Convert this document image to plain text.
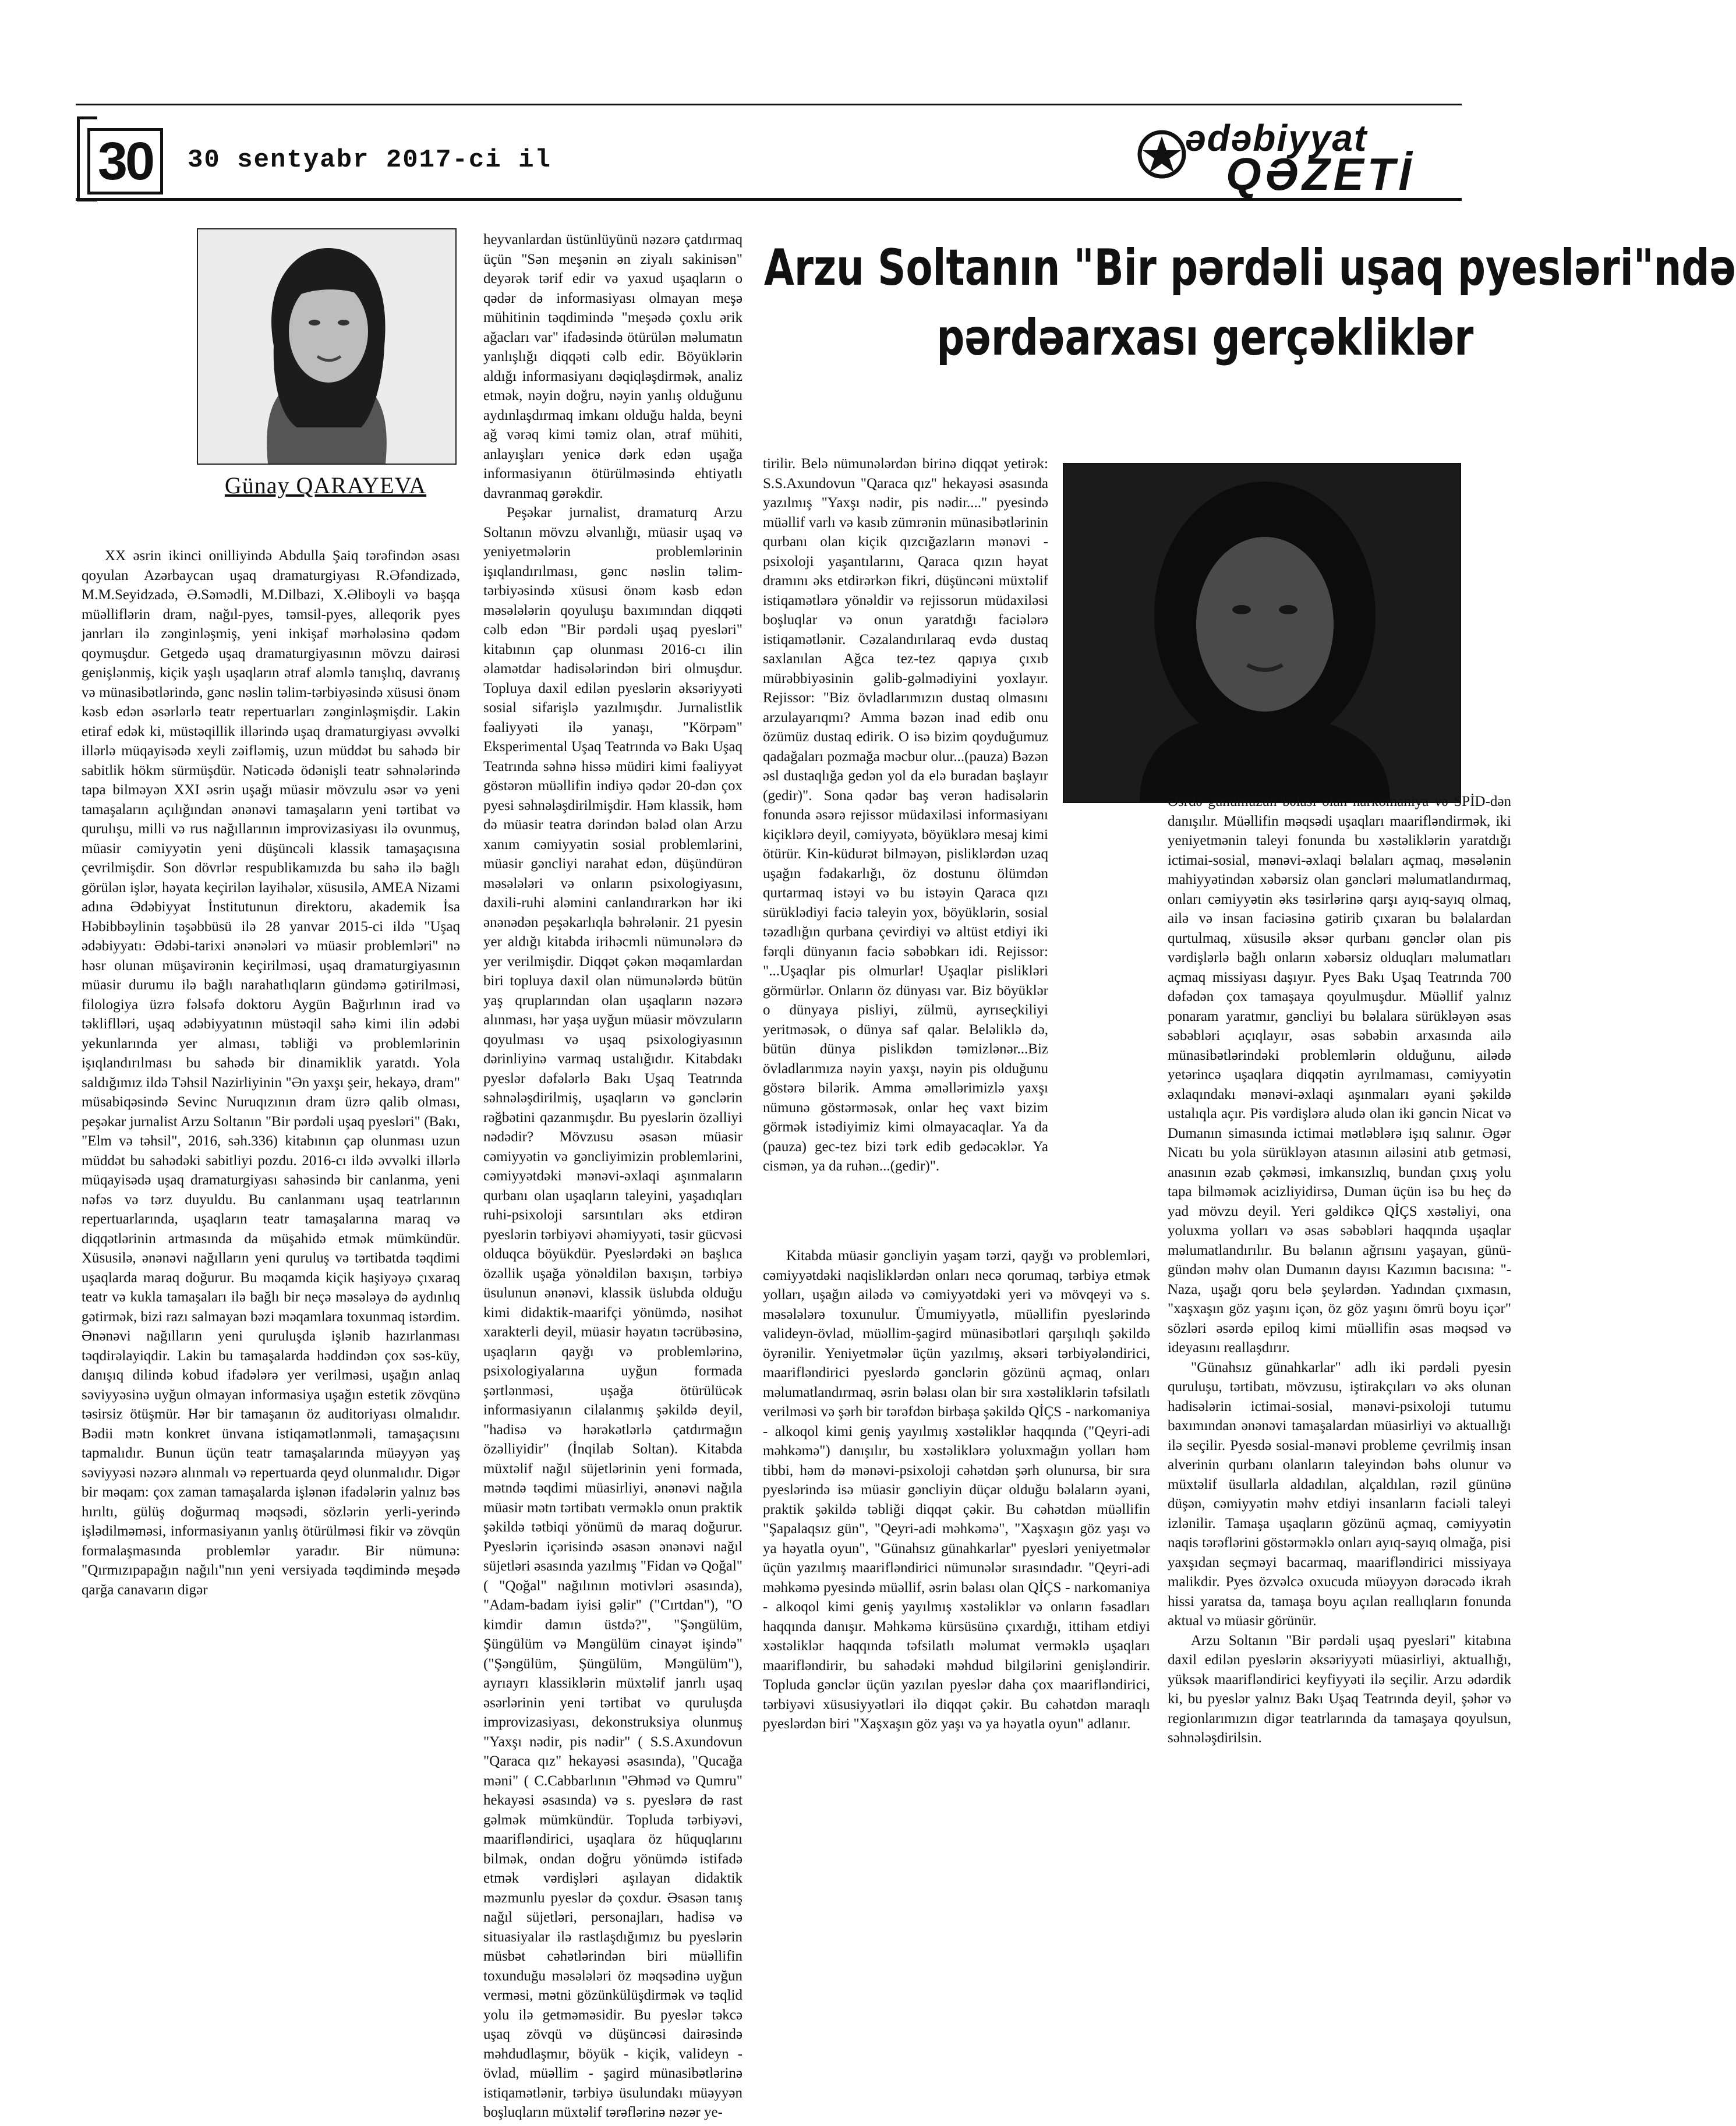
30	30 sentyabr 2017-ci il
ədəbiyyat
QƏZETİ
Günay QARAYEVA
Arzu Soltanın "Bir pərdəli uşaq pyesləri"ndə
pərdəarxası gerçəkliklər

XX əsrin ikinci onilliyində Abdulla Şaiq tərəfindən əsası qoyulan Azərbaycan uşaq dramaturgiyası R.Əfəndizadə, M.M.Seyidzadə, Ə.Səmədli, M.Dilbazi, X.Əliboyli və başqa müəlliflərin dram, nağıl-pyes, təmsil-pyes, alleqorik pyes janrları ilə zənginləşmiş, yeni inkişaf mərhələsinə qədəm qoymuşdur. Getgedə uşaq dramaturgiyasının mövzu dairəsi genişlənmiş, kiçik yaşlı uşaqların ətraf aləmlə tanışlıq, davranış və münasibətlərində, gənc nəslin təlim-tərbiyəsində xüsusi önəm kəsb edən əsərlərlə teatr repertuarları zənginləşmişdir. Lakin etiraf edək ki, müstəqillik illərində uşaq dramaturgiyası əvvəlki illərlə müqayisədə xeyli zəifləmiş, uzun müddət bu sahədə bir sabitlik hökm sürmüşdür. Nəticədə ödənişli teatr səhnələrində tapa bilməyən XXI əsrin uşağı müasir mövzulu əsər və yeni tamaşaların açılığından ənənəvi tamaşaların yeni tərtibat və qurulışu, milli və rus nağıllarının improvizasiyası ilə ovunmuş, müasir cəmiyyətin yeni düşüncəli klassik tamaşaçısına çevrilmişdir. Son dövrlər respublikamızda bu sahə ilə bağlı görülən işlər, həyata keçirilən layihələr, xüsusilə, AMEA Nizami adına Ədəbiyyat İnstitutunun direktoru, akademik İsa Həbibbəylinin təşəbbüsü ilə 28 yanvar 2015-ci ildə "Uşaq ədəbiyyatı: Ədəbi-tarixi ənənələri və müasir problemləri" nə həsr olunan müşavirənin keçirilməsi, uşaq dramaturgiyasının müasir durumu ilə bağlı narahatlıqların gündəmə gətirilməsi, filologiya üzrə fəlsəfə doktoru Aygün Bağırlının irad və təkliflləri, uşaq ədəbiyyatının müstəqil sahə kimi ilin ədəbi yekunlarında yer alması, təbliği və problemlərinin işıqlandırılması bu sahədə bir dinamiklik yaratdı. Yola saldığımız ildə Təhsil Nazirliyinin "Ən yaxşı şeir, hekayə, dram" müsabiqəsində Sevinc Nuruqızının dram üzrə qalib olması, peşəkar jurnalist Arzu Soltanın "Bir pərdəli uşaq pyesləri" (Bakı, "Elm və təhsil", 2016, səh.336) kitabının çap olunması uzun müddət bu sahədəki sabitliyi pozdu. 2016-cı ildə əvvəlki illərlə müqayisədə uşaq dramaturgiyası sahəsində bir canlanma, yeni nəfəs və tərz duyuldu. Bu canlanmanı uşaq teatrlarının repertuarlarında, uşaqların teatr tamaşalarına maraq və diqqətlərinin artmasında da müşahidə etmək mümkündür. Xüsusilə, ənənəvi nağılların yeni quruluş və tərtibatda təqdimi uşaqlarda maraq doğurur. Bu məqamda kiçik haşiyəyə çıxaraq teatr və kukla tamaşaları ilə bağlı bir neçə məsələyə də aydınlıq gətirmək, bizi razı salmayan bəzi məqamlara toxunmaq istərdim. Ənənəvi nağılların yeni quruluşda işlənib hazırlanması təqdirəlayiqdir. Lakin bu tamaşalarda həddindən çox səs-küy, danışıq dilində kobud ifadələrə yer verilməsi, uşağın anlaq səviyyəsinə uyğun olmayan informasiya uşağın estetik zövqünə təsirsiz ötüşmür. Hər bir tamaşanın öz auditoriyası olmalıdır. Bədii mətn konkret ünvana istiqamətlənməli, tamaşaçısını tapmalıdır. Bunun üçün teatr tamaşalarında müəyyən yaş səviyyəsi nəzərə alınmalı və repertuarda qeyd olunmalıdır. Digər bir məqam: çox zaman tamaşalarda işlənən ifadələrin yalnız bəs hırıltı, gülüş doğurmaq məqsədi, sözlərin yerli-yerində işlədilməməsi, informasiyanın yanlış ötürülməsi fikir və zövqün formalaşmasında problemlər yaradır. Bir nümunə: "Qırmızıpapağın nağılı"nın yeni versiyada təqdimində meşədə qarğa canavarın digər

heyvanlardan üstünlüyünü nəzərə çatdırmaq üçün "Sən meşənin ən ziyalı sakinisən" deyərək tərif edir və yaxud uşaqların o qədər də informasiyası olmayan meşə mühitinin təqdimində "meşədə çoxlu ərik ağacları var" ifadəsində ötürülən məlumatın yanlışlığı diqqəti cəlb edir. Böyüklərin aldığı informasiyanı dəqiqləşdirmək, analiz etmək, nəyin doğru, nəyin yanlış olduğunu aydınlaşdırmaq imkanı olduğu halda, beyni ağ vərəq kimi təmiz olan, ətraf mühiti, anlayışları yenicə dərk edən uşağa informasiyanın ötürülməsində ehtiyatlı davranmaq gərəkdir.

Peşəkar jurnalist, dramaturq Arzu Soltanın mövzu əlvanlığı, müasir uşaq və yeniyetmələrin problemlərinin işıqlandırılması, gənc nəslin təlim-tərbiyəsində xüsusi önəm kəsb edən məsələlərin qoyuluşu baxımından diqqəti cəlb edən "Bir pərdəli uşaq pyesləri" kitabının çap olunması 2016-cı ilin əlamətdar hadisələrindən biri olmuşdur. Topluya daxil edilən pyeslərin əksəriyyəti sosial sifarişlə yazılmışdır. Jurnalistlik fəaliyyəti ilə yanaşı, "Körpəm" Eksperimental Uşaq Teatrında və Bakı Uşaq Teatrında səhnə hissə müdiri kimi fəaliyyət göstərən müəllifin indiyə qədər 20-dən çox pyesi səhnələşdirilmişdir. Həm klassik, həm də müasir teatra dərindən bələd olan Arzu xanım cəmiyyətin sosial problemlərini, müasir gəncliyi narahat edən, düşündürən məsələləri və onların psixologiyasını, daxili-ruhi aləmini canlandırarkən hər iki ənənədən peşəkarlıqla bəhrələnir. 21 pyesin yer aldığı kitabda irihəcmli nümunələrə də yer verilmişdir. Diqqət çəkən məqamlardan biri topluya daxil olan nümunələrdə bütün yaş qruplarından olan uşaqların nəzərə alınması, hər yaşa uyğun müasir mövzuların qoyulması və uşaq psixologiyasının dərinliyinə varmaq ustalığıdır. Kitabdakı pyeslər dəfələrlə Bakı Uşaq Teatrında səhnələşdirilmiş, uşaqların və gənclərin rəğbətini qazanmışdır. Bu pyeslərin özəlliyi nədədir? Mövzusu əsasən müasir cəmiyyətin və gəncliyimizin problemlərini, cəmiyyətdəki mənəvi-əxlaqi aşınmaların qurbanı olan uşaqların taleyini, yaşadıqları ruhi-psixoloji sarsıntıları əks etdirən pyeslərin tərbiyəvi əhəmiyyəti, təsir gücvəsi olduqca böyükdür. Pyeslərdəki ən başlıca özəllik uşağa yönəldilən baxışın, tərbiyə üsulunun ənənəvi, klassik üslubda olduğu kimi didaktik-maarifçi yönümdə, nəsihət xarakterli deyil, müasir həyatın təcrübəsinə, uşaqların qayğı və problemlərinə, psixologiyalarına uyğun formada şərtlənməsi, uşağa ötürülücək informasiyanın cilalanmış şəkildə deyil, "hadisə və hərəkətlərlə çatdırmağın özəlliyidir" (İnqilab Soltan). Kitabda müxtəlif nağıl süjetlərinin yeni formada, mətndə təqdimi müasirliyi, ənənəvi nağıla müasir mətn tərtibatı verməklə onun praktik şəkildə tətbiqi yönümü də maraq doğurur. Pyeslərin içərisində əsasən ənənəvi nağıl süjetləri əsasında yazılmış "Fidan və Qoğal" ( "Qoğal" nağılının motivləri əsasında), "Adam-badam iyisi gəlir" ("Cırtdan"), "O kimdir damın üstdə?", "Şəngülüm, Şüngülüm və Məngülüm cinayət işində" ("Şəngülüm, Şüngülüm, Məngülüm"), ayrıayrı klassiklərin müxtəlif janrlı uşaq əsərlərinin yeni tərtibat və quruluşda improvizasiyası, dekonstruksiya olunmuş "Yaxşı nədir, pis nədir" ( S.S.Axundovun "Qaraca qız" hekayəsi əsasında), "Qucağa məni" ( C.Cabbarlının "Əhməd və Qumru" hekayəsi əsasında) və s. pyeslərə də rast gəlmək mümkündür. Topluda tərbiyəvi, maarifləndirici, uşaqlara öz hüquqlarını bilmək, ondan doğru yönümdə istifadə etmək vərdişləri aşılayan didaktik məzmunlu pyeslər də çoxdur. Əsasən tanış nağıl süjetləri, personajları, hadisə və situasiyalar ilə rastlaşdığımız bu pyeslərin müsbət cəhətlərindən biri müəllifin toxunduğu məsələləri öz məqsədinə uyğun verməsi, mətni gözünkülüşdirmək və təqlid yolu ilə getməməsidir. Bu pyeslər təkcə uşaq zövqü və düşüncəsi dairəsində məhdudlaşmır, böyük - kiçik, valideyn - övlad, müəllim - şagird münasibətlərinə istiqamətlənir, tərbiyə üsulundakı müəyyən boşluqların müxtəlif tərəflərinə nəzər ye-

tirilir. Belə nümunələrdən birinə diqqət yetirək: S.S.Axundovun "Qaraca qız" hekayəsi əsasında yazılmış "Yaxşı nədir, pis nədir...." pyesində müəllif varlı və kasıb zümrənin münasibətlərinin qurbanı olan kiçik qızcığazların mənəvi -psixoloji yaşantılarını, Qaraca qızın həyat dramını əks etdirərkən fikri, düşüncəni müxtəlif istiqamətlərə yönəldir və rejissorun müdaxiləsi boşluqlar və onun yaratdığı faciələrə istiqamətlənir. Cəzalandırılaraq evdə dustaq saxlanılan Ağca tez-tez qapıya çıxıb mürəbbiyəsinin gəlib-gəlmədiyini yoxlayır. Rejissor: "Biz övladlarımızın dustaq olmasını arzulayarıqmı? Amma bəzən inad edib onu özümüz dustaq edirik. O isə bizim qoyduğumuz qadağaları pozmağa məcbur olur...(pauza) Bəzən əsl dustaqlığa gedən yol da elə buradan başlayır (gedir)". Sona qədər baş verən hadisələrin fonunda əsərə rejissor müdaxiləsi informasiyanı kiçiklərə deyil, cəmiyyətə, böyüklərə mesaj kimi ötürür. Kin-küdurət bilməyən, pisliklərdən uzaq uşağın fədakarlığı, öz dostunu ölümdən qurtarmaq istəyi və bu istəyin Qaraca qızı sürüklədiyi faciə taleyin yox, böyüklərin, sosial təzadlığın qurbana çevirdiyi və altüst etdiyi iki fərqli dünyanın faciə səbəbkarı idi. Rejissor: "...Uşaqlar pis olmurlar! Uşaqlar pislikləri görmürlər. Onların öz dünyası var. Biz böyüklər o dünyaya pisliyi, zülmü, ayrıseçkiliyi yeritməsək, o dünya saf qalar. Beləliklə də, bütün dünya pislikdən təmizlənər...Biz övladlarımıza nəyin yaxşı, nəyin pis olduğunu göstərə bilərik. Amma əməllərimizlə yaxşı nümunə göstərməsək, onlar heç vaxt bizim görmək istədiyimiz kimi olmayacaqlar. Ya da (pauza) gec-tez bizi tərk edib gedəcəklər. Ya cismən, ya da ruhən...(gedir)".

Kitabda müasir gəncliyin yaşam tərzi, qayğı və problemləri, cəmiyyətdəki naqisliklərdən onları necə qorumaq, tərbiyə etmək yolları, uşağın ailədə və cəmiyyətdəki yeri və mövqeyi və s. məsələlərə toxunulur. Ümumiyyətlə, müəllifin pyeslərində valideyn-övlad, müəllim-şagird münasibətləri qarşılıqlı şəkildə öyrənilir. Yeniyetmələr üçün yazılmış, əksəri tərbiyələndirici, maarifləndirici pyeslərdə gənclərin gözünü açmaq, onları məlumatlandırmaq, əsrin bəlası olan bir sıra xəstəliklərin təfsilatlı verilməsi və şərh bir tərəfdən birbaşa şəkildə QİÇS - narkomaniya - alkoqol kimi geniş yayılmış xəstəliklər haqqında ("Qeyri-adi məhkəmə") danışılır, bu xəstəliklərə yoluxmağın yolları həm tibbi, həm də mənəvi-psixoloji cəhətdən şərh olunursa, bir sıra pyeslərində isə müasir gəncliyin düçar olduğu bəlaların əyani, praktik şəkildə təbliği diqqət çəkir. Bu cəhətdən müəllifin "Şapalaqsız gün", "Qeyri-adi məhkəmə", "Xaşxaşın göz yaşı və ya həyatla oyun", "Günahsız günahkarlar" pyesləri yeniyetmələr üçün yazılmış maarifləndirici nümunələr sırasındadır. "Qeyri-adi məhkəmə pyesində müəllif, əsrin bəlası olan QİÇS - narkomaniya - alkoqol kimi geniş yayılmış xəstəliklər və onların fəsadları haqqında danışır. Məhkəmə kürsüsünə çıxardığı, ittiham etdiyi xəstəliklər haqqında təfsilatlı məlumat verməklə uşaqları maarifləndirir, bu sahədəki məhdud bilgilərini genişləndirir. Topluda gənclər üçün yazılan pyeslər daha çox maarifləndirici, tərbiyəvi xüsusiyyətləri ilə diqqət çəkir. Bu cəhətdən maraqlı pyeslərdən biri "Xaşxaşın göz yaşı və ya həyatla oyun" adlanır.

Əsrdə günümüzün bəlası olan narkomaniya və SPİD-dən danışılır. Müəllifin məqsədi uşaqları maarifləndirmək, iki yeniyetmənin taleyi fonunda bu xəstəliklərin yaratdığı ictimai-sosial, mənəvi-əxlaqi bəlaları açmaq, məsələnin mahiyyətindən xəbərsiz olan gəncləri məlumatlandırmaq, onları cəmiyyətin əks təsirlərinə qarşı ayıq-sayıq olmaq, ailə və insan faciəsinə gətirib çıxaran bu bəlalardan qurtulmaq, xüsusilə əksər qurbanı gənclər olan pis vərdişlərlə bağlı onların xəbərsiz olduqları məlumatları açmaq missiyası daşıyır. Pyes Bakı Uşaq Teatrında 700 dəfədən çox tamaşaya qoyulmuşdur. Müəllif yalnız ponaram yaratmır, gəncliyi bu bəlalara sürükləyən əsas səbəbləri açıqlayır, əsas səbəbin arxasında ailə münasibətlərindəki problemlərin olduğunu, ailədə yetərincə uşaqlara diqqətin ayrılmaması, cəmiyyətin əxlaqındakı mənəvi-əxlaqi aşınmaları əyani şəkildə ustalıqla açır. Pis vərdişlərə aludə olan iki gəncin Nicat və Dumanın simasında ictimai mətləblərə işıq salınır. Əgər Nicatı bu yola sürükləyən atasının ailəsini atıb getməsi, anasının əzab çəkməsi, imkansızlıq, bundan çıxış yolu tapa bilməmək acizliyidirsə, Duman üçün isə bu heç də yad mövzu deyil. Yeri gəldikcə QİÇS xəstəliyi, ona yoluxma yolları və əsas səbəbləri haqqında uşaqlar məlumatlandırılır. Bu bəlanın ağrısını yaşayan, günü-gündən məhv olan Dumanın dayısı Kazımın bacısına: "- Naza, uşağı qoru belə şeylərdən. Yadından çıxmasın, "xaşxaşın göz yaşını içən, öz göz yaşını ömrü boyu içər" sözləri əsərdə epiloq kimi müəllifin əsas məqsəd və ideyasını reallaşdırır.

"Günahsız günahkarlar" adlı iki pərdəli pyesin quruluşu, tərtibatı, mövzusu, iştirakçıları və əks olunan hadisələrin ictimai-sosial, mənəvi-psixoloji tutumu baxımından ənənəvi tamaşalardan müasirliyi və aktuallığı ilə seçilir. Pyesdə sosial-mənəvi probleme çevrilmiş insan alverinin qurbanı olanların taleyindən bəhs olunur və müxtəlif üsullarla aldadılan, alçaldılan, rəzil gününə düşən, cəmiyyətin məhv etdiyi insanların faciəli taleyi izlənilir. Tamaşa uşaqların gözünü açmaq, cəmiyyətin naqis tərəflərini göstərməklə onları ayıq-sayıq olmağa, pisi yaxşıdan seçməyi bacarmaq, maarifləndirici missiyaya malikdir. Pyes özvəlcə oxucuda müəyyən dərəcədə ikrah hissi yaratsa da, tamaşa boyu açılan reallıqların fonunda aktual və müasir görünür.

Arzu Soltanın "Bir pərdəli uşaq pyesləri" kitabına daxil edilən pyeslərin əksəriyyəti müasirliyi, aktuallığı, yüksək maarifləndirici keyfiyyəti ilə seçilir. Arzu ədərdik ki, bu pyeslər yalnız Bakı Uşaq Teatrında deyil, şəhər və regionlarımızın digər teatrlarında da tamaşaya qoyulsun, səhnələşdirilsin.
